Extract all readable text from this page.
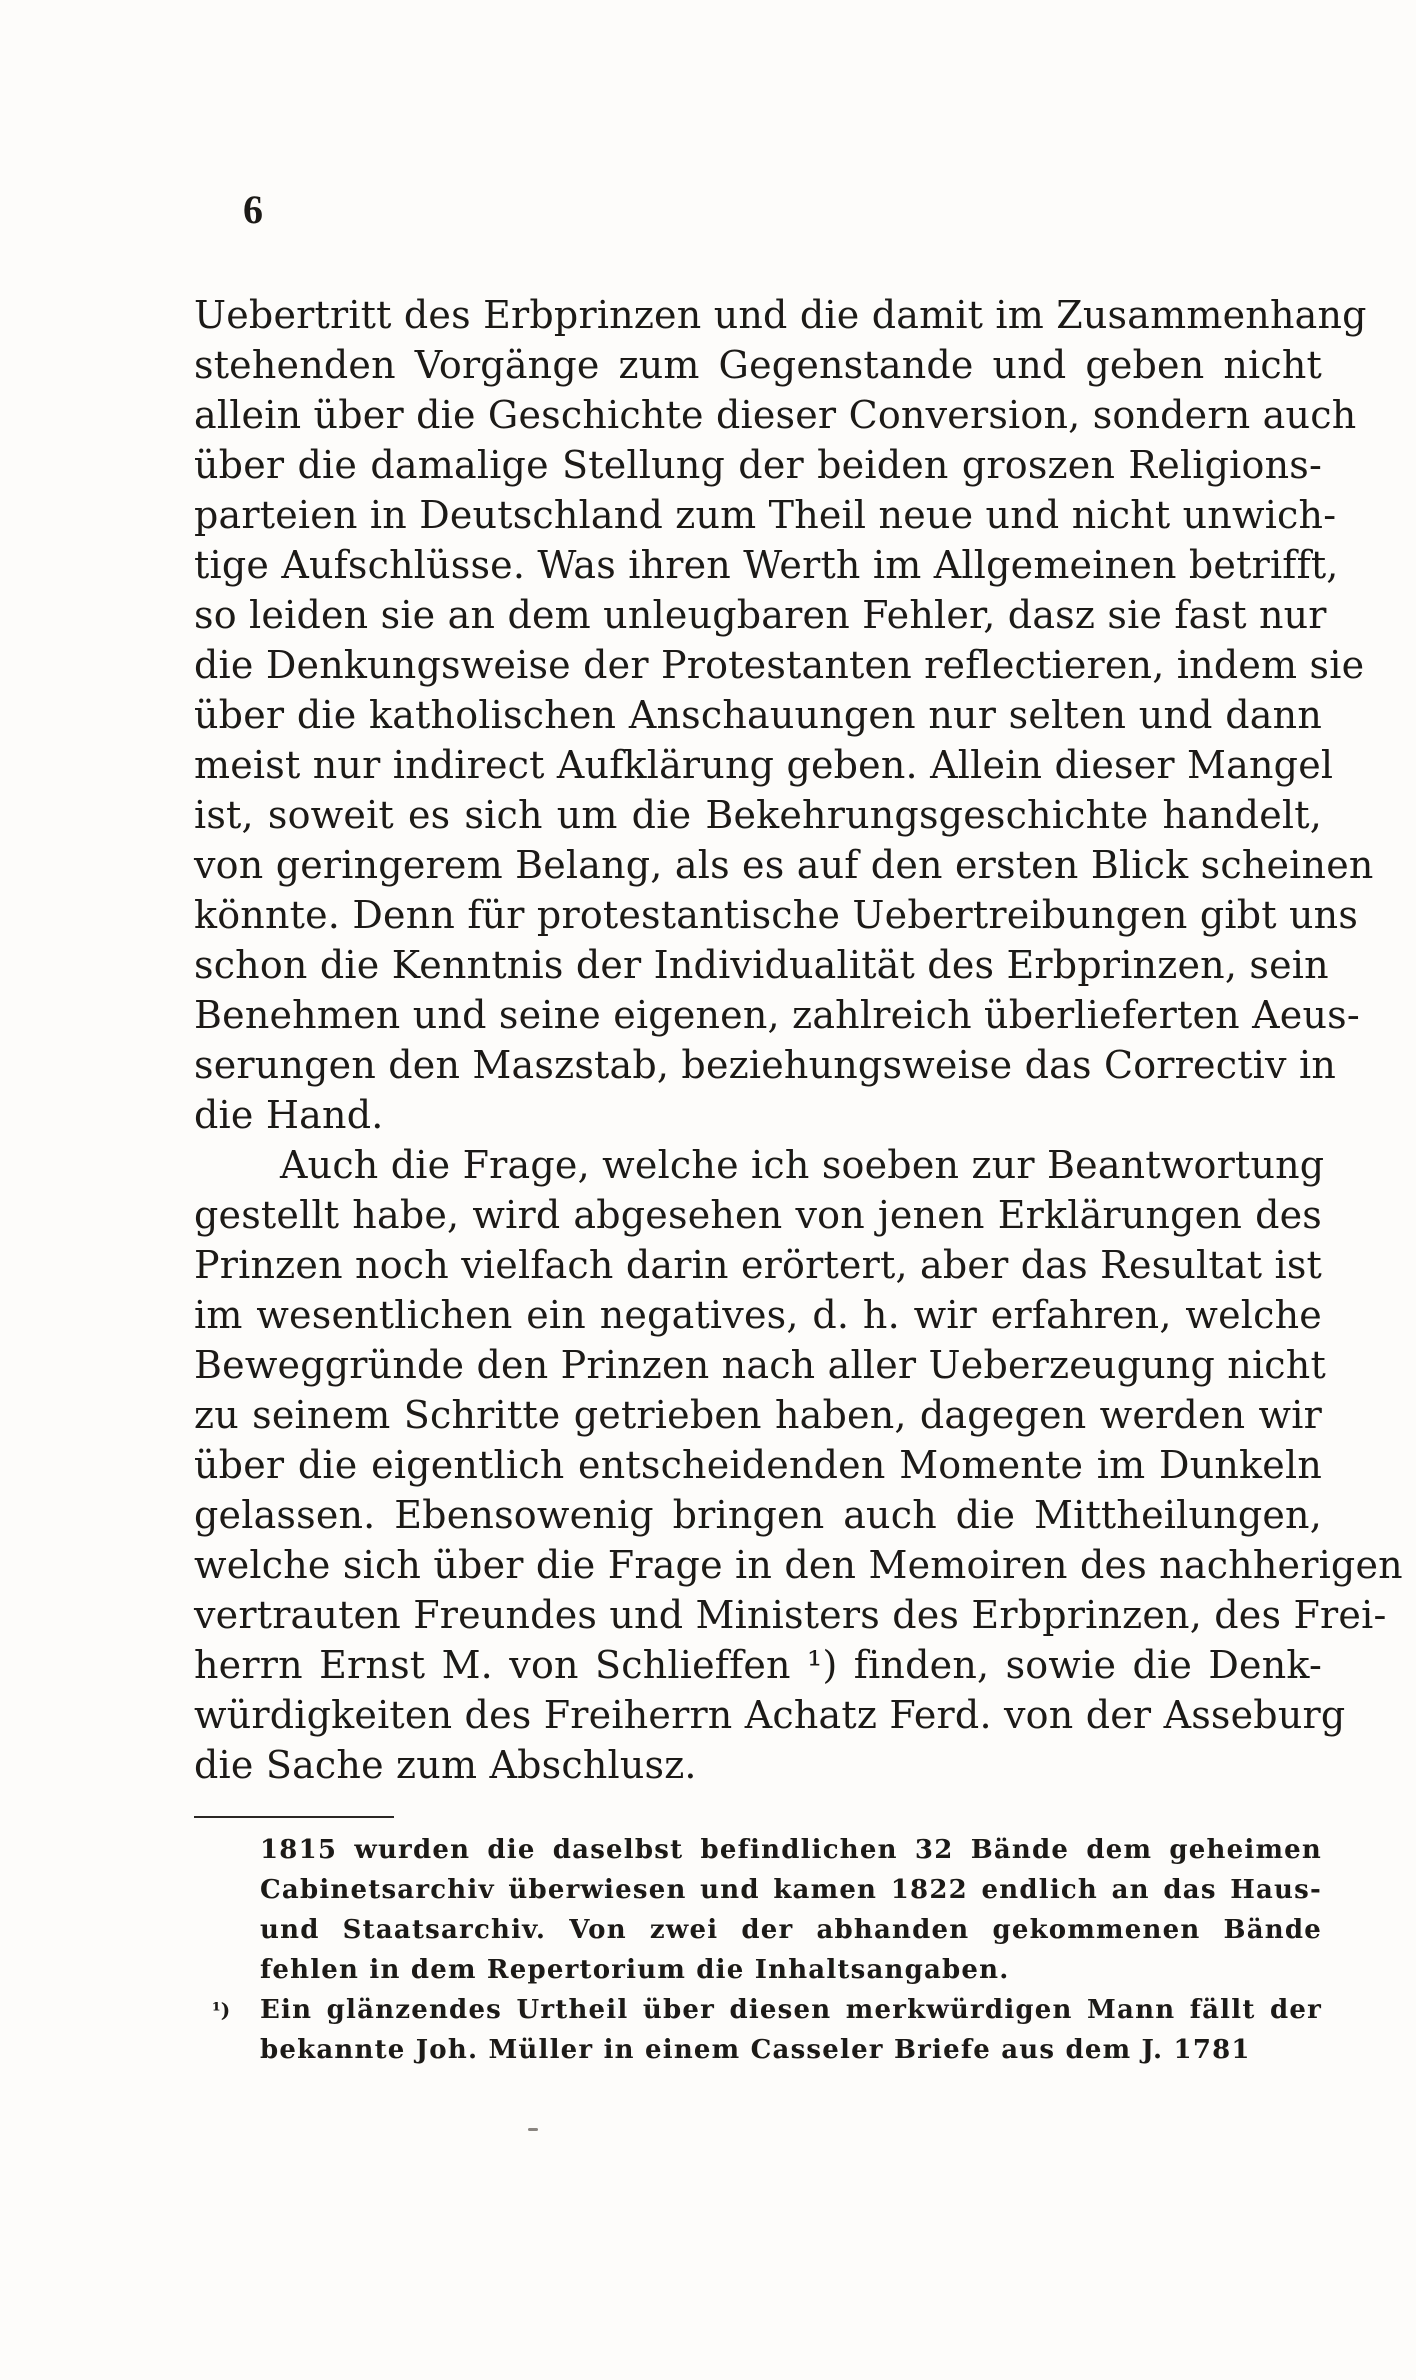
6
Uebertritt des Erbprinzen und die damit im Zusammenhang
stehenden Vorgänge zum Gegenstande und geben nicht
allein über die Geschichte dieser Conversion, sondern auch
über die damalige Stellung der beiden groszen Religions-
parteien in Deutschland zum Theil neue und nicht unwich-
tige Aufschlüsse. Was ihren Werth im Allgemeinen betrifft,
so leiden sie an dem unleugbaren Fehler, dasz sie fast nur
die Denkungsweise der Protestanten reflectieren, indem sie
über die katholischen Anschauungen nur selten und dann
meist nur indirect Aufklärung geben. Allein dieser Mangel
ist, soweit es sich um die Bekehrungsgeschichte handelt,
von geringerem Belang, als es auf den ersten Blick scheinen
könnte. Denn für protestantische Uebertreibungen gibt uns
schon die Kenntnis der Individualität des Erbprinzen, sein
Benehmen und seine eigenen, zahlreich überlieferten Aeus-
serungen den Maszstab, beziehungsweise das Correctiv in
die Hand.
Auch die Frage, welche ich soeben zur Beantwortung
gestellt habe, wird abgesehen von jenen Erklärungen des
Prinzen noch vielfach darin erörtert, aber das Resultat ist
im wesentlichen ein negatives, d. h. wir erfahren, welche
Beweggründe den Prinzen nach aller Ueberzeugung nicht
zu seinem Schritte getrieben haben, dagegen werden wir
über die eigentlich entscheidenden Momente im Dunkeln
gelassen. Ebensowenig bringen auch die Mittheilungen,
welche sich über die Frage in den Memoiren des nachherigen
vertrauten Freundes und Ministers des Erbprinzen, des Frei-
herrn Ernst M. von Schlieffen ¹) finden, sowie die Denk-
würdigkeiten des Freiherrn Achatz Ferd. von der Asseburg
die Sache zum Abschlusz.
1815 wurden die daselbst befindlichen 32 Bände dem geheimen
Cabinetsarchiv überwiesen und kamen 1822 endlich an das Haus-
und Staatsarchiv. Von zwei der abhanden gekommenen Bände
fehlen in dem Repertorium die Inhaltsangaben.
Ein glänzendes Urtheil über diesen merkwürdigen Mann fällt der
bekannte Joh. Müller in einem Casseler Briefe aus dem J. 1781
¹)
